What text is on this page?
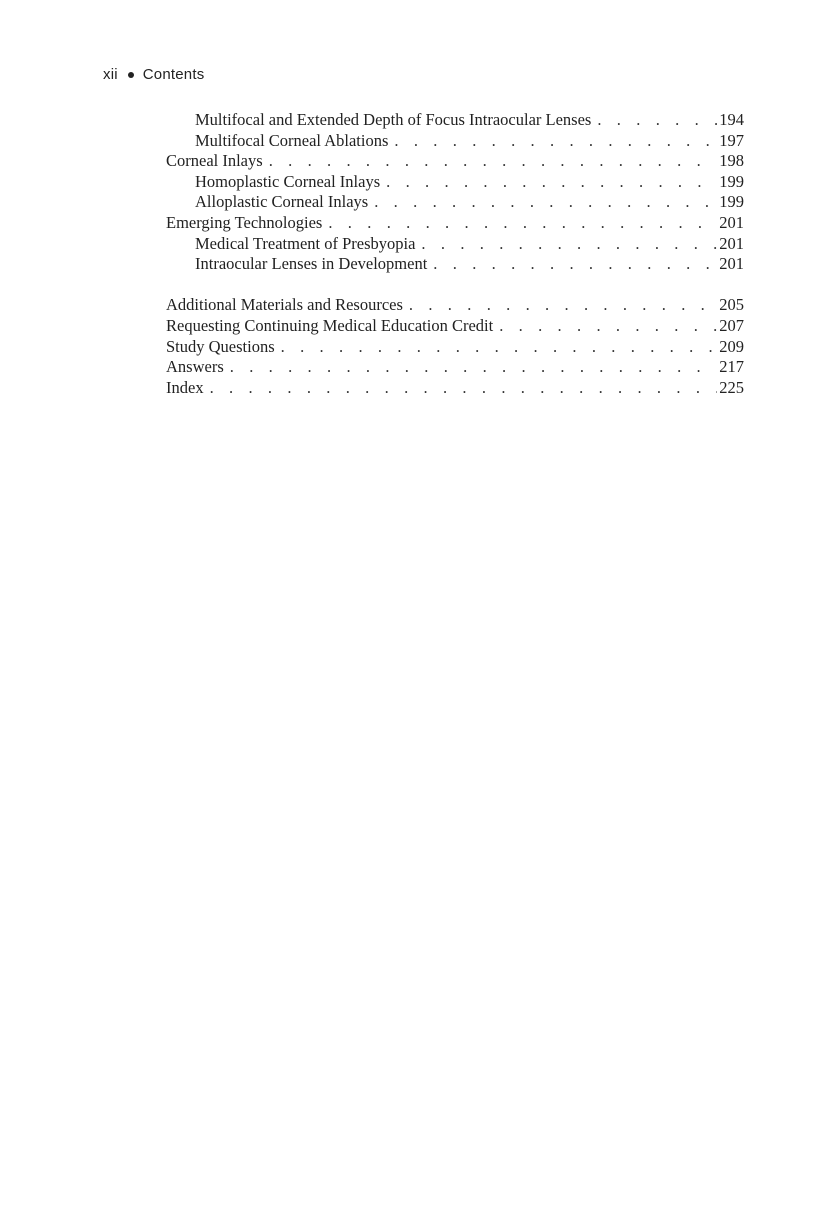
xii Contents
Multifocal and Extended Depth of Focus Intraocular Lenses . . .	194
Multifocal Corneal Ablations . . .	197
Corneal Inlays . . .	198
Homoplastic Corneal Inlays . . .	199
Alloplastic Corneal Inlays . . .	199
Emerging Technologies . . .	201
Medical Treatment of Presbyopia . . .	201
Intraocular Lenses in Development . . .	201
Additional Materials and Resources . . .	205
Requesting Continuing Medical Education Credit . . .	207
Study Questions . . .	209
Answers . . .	217
Index . . .	225
